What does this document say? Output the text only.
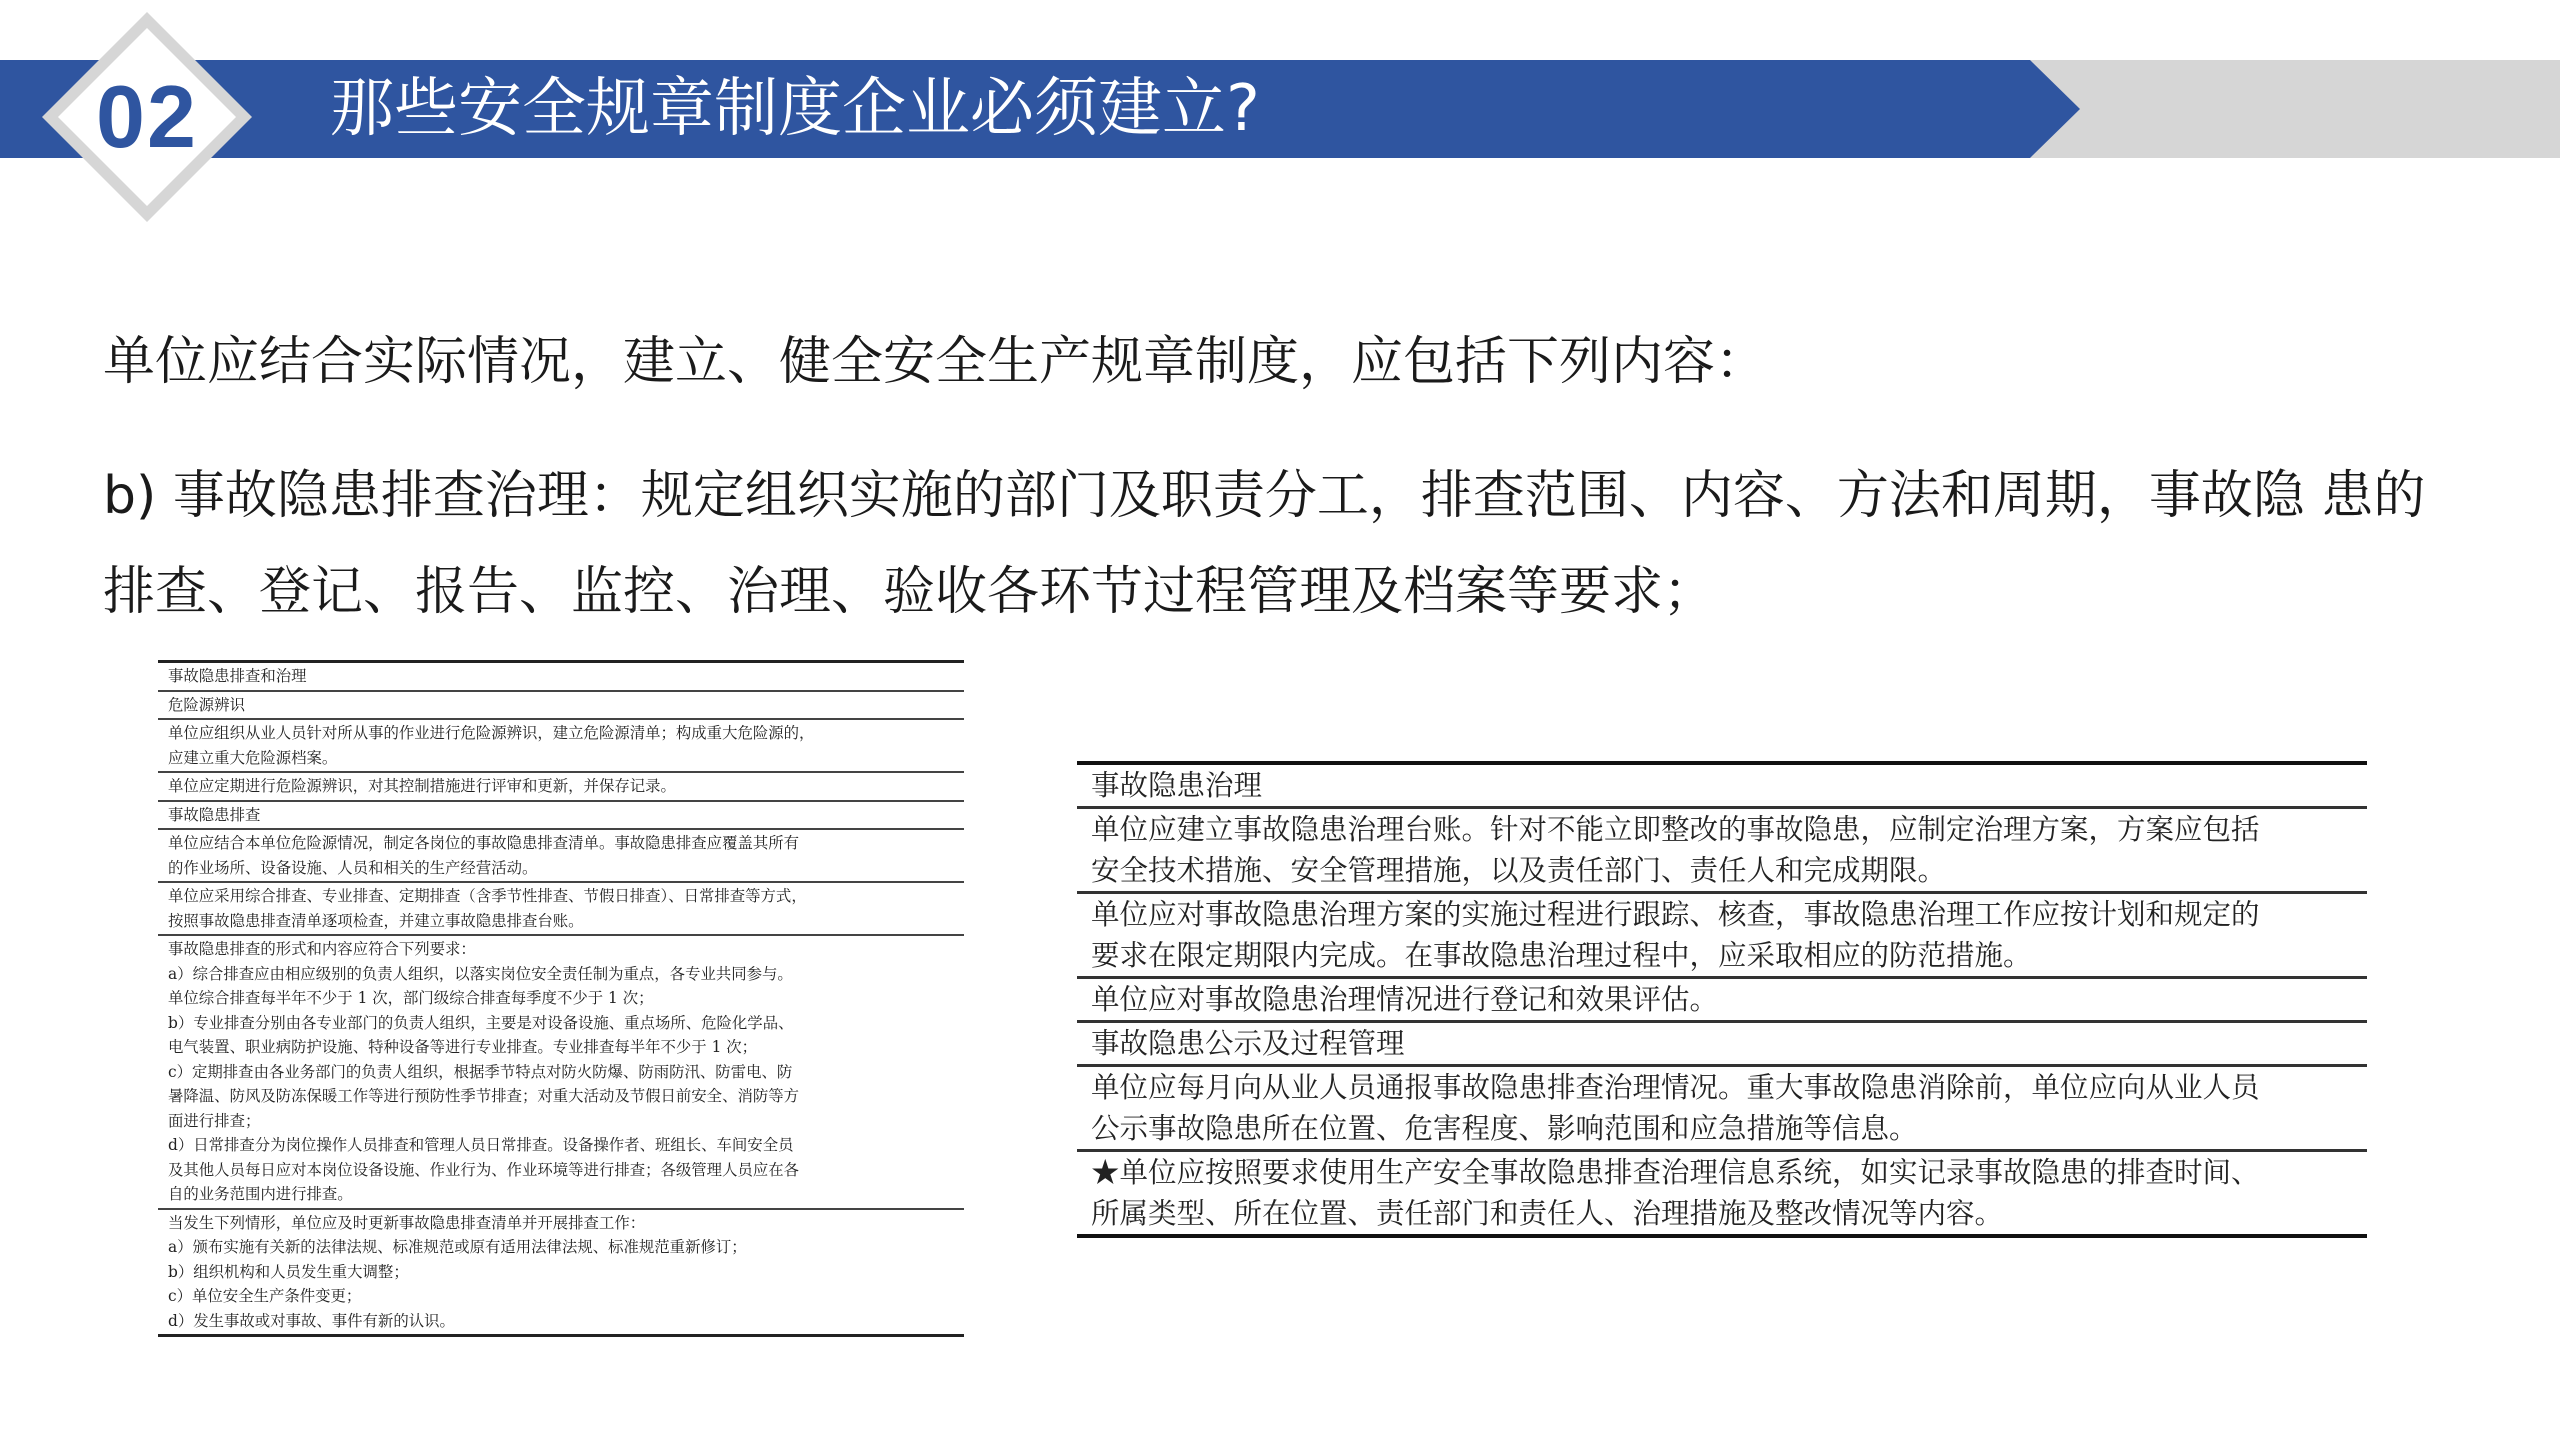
那些安全规章制度企业必须建立?
02
单位应结合实际情况，建立、健全安全生产规章制度，应包括下列内容：
b) 事故隐患排查治理：规定组织实施的部门及职责分工，排查范围、内容、方法和周期，事故隐 患的排查、登记、报告、监控、治理、验收各环节过程管理及档案等要求；
事故隐患排查和治理

危险源辨识

单位应组织从业人员针对所从事的作业进行危险源辨识，建立危险源清单；构成重大危险源的，
应建立重大危险源档案。

单位应定期进行危险源辨识，对其控制措施进行评审和更新，并保存记录。

事故隐患排查

单位应结合本单位危险源情况，制定各岗位的事故隐患排查清单。事故隐患排查应覆盖其所有
的作业场所、设备设施、人员和相关的生产经营活动。

单位应采用综合排查、专业排查、定期排查（含季节性排查、节假日排查）、日常排查等方式，
按照事故隐患排查清单逐项检查，并建立事故隐患排查台账。

事故隐患排查的形式和内容应符合下列要求：
a）综合排查应由相应级别的负责人组织，以落实岗位安全责任制为重点，各专业共同参与。
单位综合排查每半年不少于 1 次，部门级综合排查每季度不少于 1 次；
b）专业排查分别由各专业部门的负责人组织，主要是对设备设施、重点场所、危险化学品、
电气装置、职业病防护设施、特种设备等进行专业排查。专业排查每半年不少于 1 次；
c）定期排查由各业务部门的负责人组织，根据季节特点对防火防爆、防雨防汛、防雷电、防
暑降温、防风及防冻保暖工作等进行预防性季节排查；对重大活动及节假日前安全、消防等方
面进行排查；
d）日常排查分为岗位操作人员排查和管理人员日常排查。设备操作者、班组长、车间安全员
及其他人员每日应对本岗位设备设施、作业行为、作业环境等进行排查；各级管理人员应在各
自的业务范围内进行排查。

当发生下列情形，单位应及时更新事故隐患排查清单并开展排查工作：
a）颁布实施有关新的法律法规、标准规范或原有适用法律法规、标准规范重新修订；
b）组织机构和人员发生重大调整；
c）单位安全生产条件变更；
d）发生事故或对事故、事件有新的认识。
事故隐患治理

单位应建立事故隐患治理台账。针对不能立即整改的事故隐患，应制定治理方案，方案应包括
安全技术措施、安全管理措施，以及责任部门、责任人和完成期限。

单位应对事故隐患治理方案的实施过程进行跟踪、核查，事故隐患治理工作应按计划和规定的
要求在限定期限内完成。在事故隐患治理过程中，应采取相应的防范措施。

单位应对事故隐患治理情况进行登记和效果评估。

事故隐患公示及过程管理

单位应每月向从业人员通报事故隐患排查治理情况。重大事故隐患消除前，单位应向从业人员
公示事故隐患所在位置、危害程度、影响范围和应急措施等信息。

★单位应按照要求使用生产安全事故隐患排查治理信息系统，如实记录事故隐患的排查时间、
所属类型、所在位置、责任部门和责任人、治理措施及整改情况等内容。
